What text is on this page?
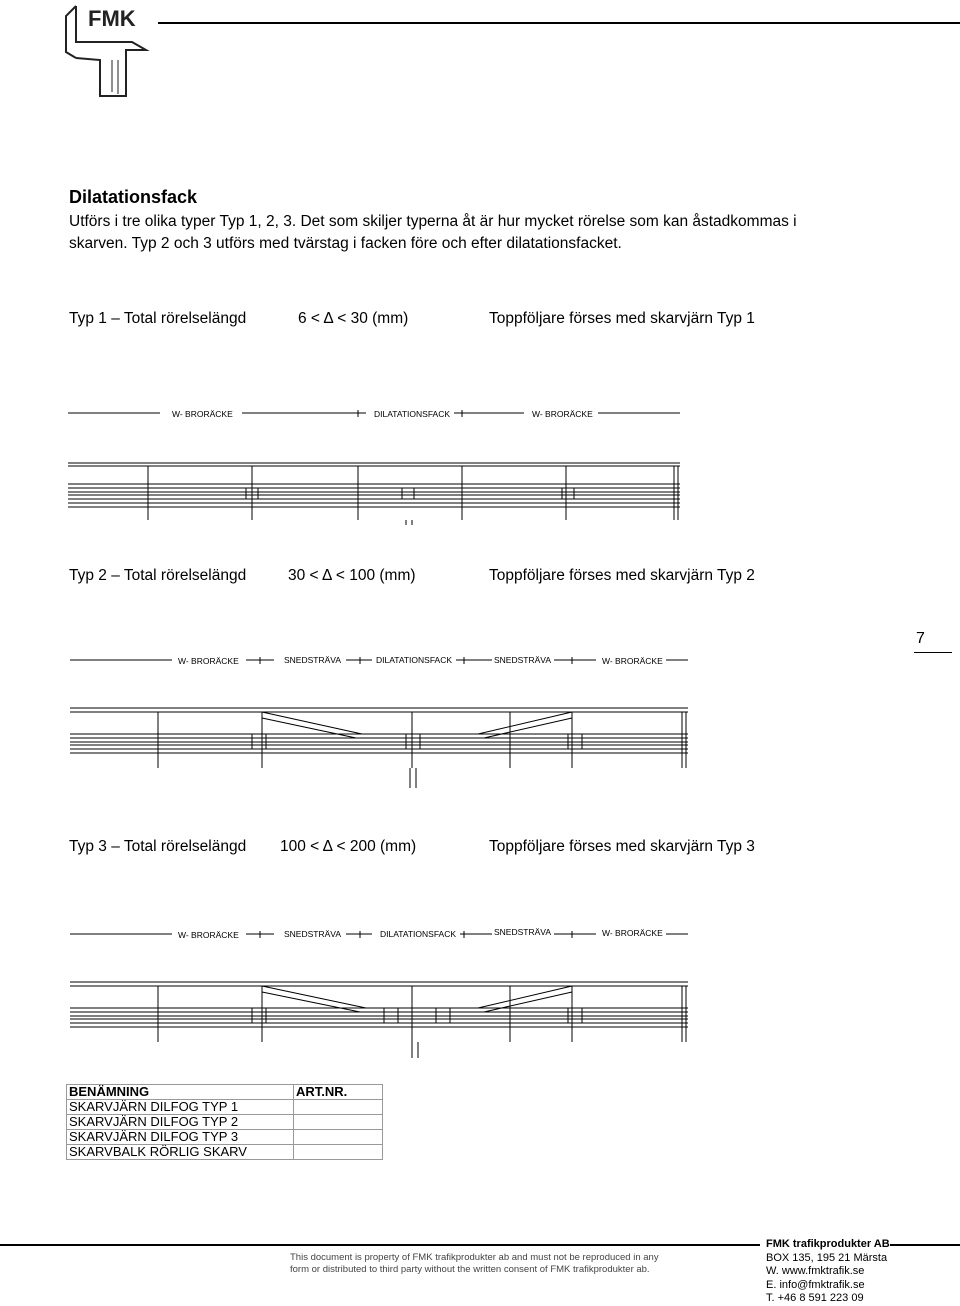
FMK
Dilatationsfack
Utförs i tre olika typer Typ 1, 2, 3. Det som skiljer typerna åt är hur mycket rörelse som kan åstadkommas i skarven. Typ 2 och 3 utförs med tvärstag i facken före och efter dilatationsfacket.
Typ 1 – Total rörelselängd	6 < Δ < 30 (mm)	Toppföljare förses med skarvjärn Typ 1
W- BRORÄCKE	DILATATIONSFACK	W- BRORÄCKE
Typ 2 – Total rörelselängd	30 < Δ < 100 (mm)	Toppföljare förses med skarvjärn Typ 2
W- BRORÄCKE	SNEDSTRÄVA	DILATATIONSFACK	SNEDSTRÄVA	W- BRORÄCKE
7
Typ 3 – Total rörelselängd 100 < Δ < 200 (mm)	Toppföljare förses med skarvjärn Typ 3
W- BRORÄCKE	SNEDSTRÄVA	DILATATIONSFACK	SNEDSTRÄVA	W- BRORÄCKE
BENÄMNING	ART.NR.
SKARVJÄRN DILFOG TYP 1	
SKARVJÄRN DILFOG TYP 2	
SKARVJÄRN DILFOG TYP 3	
SKARVBALK RÖRLIG SKARV	
This document is property of FMK trafikprodukter ab and must not be reproduced in any
form or distributed to third party without the written consent of FMK trafikprodukter ab.
FMK trafikprodukter AB
BOX 135, 195 21 Märsta
W. www.fmktrafik.se
E. info@fmktrafik.se
T. +46 8 591 223 09
